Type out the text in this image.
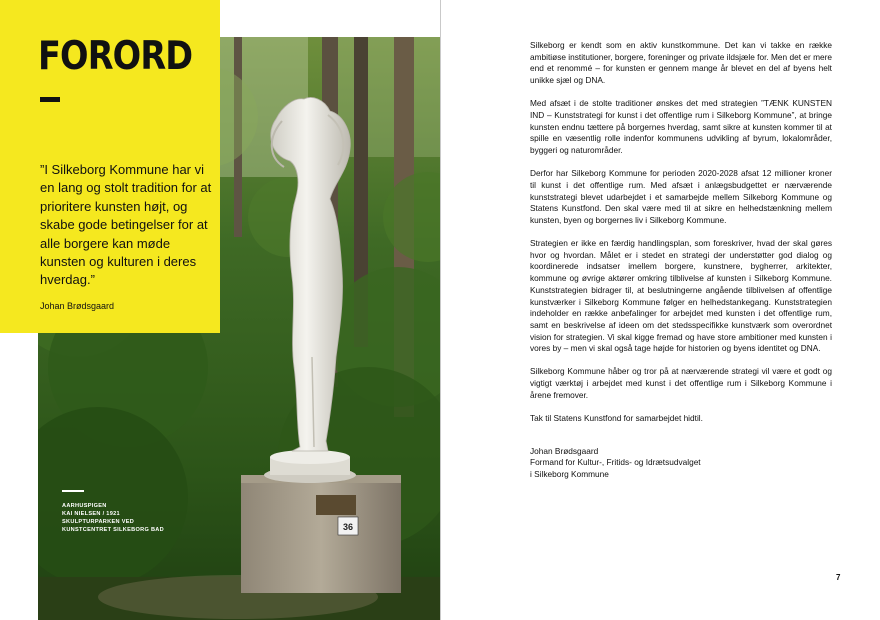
36
FORORD
”I Silkeborg Kommune har vi en lang og stolt tradition for at prioritere kunsten højt, og skabe gode betingelser for at alle borgere kan møde kunsten og kulturen i deres hverdag.”
Johan Brødsgaard
AARHUSPIGEN
KAI NIELSEN / 1921
SKULPTURPARKEN VED
KUNSTCENTRET SILKEBORG BAD

Silkeborg er kendt som en aktiv kunstkommune. Det kan vi takke en række ambitiøse institutioner, borgere, foreninger og private ildsjæle for. Men det er mere end et renommé – for kunsten er gennem mange år blevet en del af byens helt unikke sjæl og DNA.

Med afsæt i de stolte traditioner ønskes det med strategien ”TÆNK KUNSTEN IND – Kunststrategi for kunst i det offentlige rum i Silkeborg Kommune”, at bringe kunsten endnu tættere på borgernes hverdag, samt sikre at kunsten kommer til at spille en væsentlig rolle indenfor kommunens udvikling af byrum, lokalområder, byggeri og naturområder.

Derfor har Silkeborg Kommune for perioden 2020-2028 afsat 12 millioner kroner til kunst i det offentlige rum. Med afsæt i anlægsbudgettet er nærværende kunststrategi blevet udarbejdet i et samarbejde mellem Silkeborg Kommune og Statens Kunstfond. Den skal være med til at sikre en helhedstænkning mellem kunsten, byen og borgernes liv i Silkeborg Kommune.

Strategien er ikke en færdig handlingsplan, som foreskriver, hvad der skal gøres hvor og hvordan. Målet er i stedet en strategi der understøtter god dialog og koordinerede indsatser imellem borgere, kunstnere, bygherrer, arkitekter, kommune og øvrige aktører omkring tilblivelse af kunsten i Silkeborg Kommune. Kunststrategien bidrager til, at beslutningerne angående tilblivelsen af offentlige kunstværker i Silkeborg Kommune følger en helhedstankegang. Kunststrategien indeholder en række anbefalinger for arbejdet med kunsten i det offentlige rum, samt en beskrivelse af ideen om det stedsspecifikke kunstværk som overordnet vision for strategien. Vi skal kigge fremad og have store ambitioner med kunsten i vores by – men vi skal også tage højde for historien og byens identitet og DNA.

Silkeborg Kommune håber og tror på at nærværende strategi vil være et godt og vigtigt værktøj i arbejdet med kunst i det offentlige rum i Silkeborg Kommune i årene fremover.

Tak til Statens Kunstfond for samarbejdet hidtil.

Johan Brødsgaard
Formand for Kultur-, Fritids- og Idrætsudvalget
i Silkeborg Kommune
7
